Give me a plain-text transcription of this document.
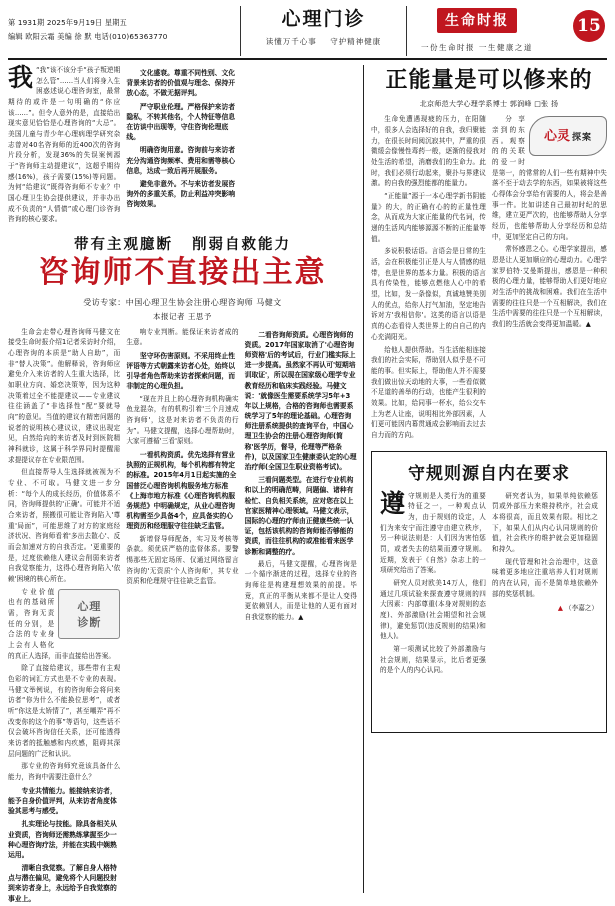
第 1931期 2025年9月19日 星期五
编辑 欧阳云霜 美编 徐 默 电话(010)65363770
心理门诊
读懂万千心事 守护精神健康
生命时报
一份生命时报 一生健康之道
15

我 “我”该不该分手“孩子叛逆期怎么管”……当人们将身入生困惑述说心理咨询室，最常期待的或许是一句明确的“你应该……”。但令人意外的是，直接给出现实意见恰恰是心理咨询的“大忌”。美国儿童与青少年心理病理学研究杂志曾对40名咨询师的近400次的咨询片段分析，发现36%的失误案例源于“咨询师主动提建议”，这超乎期待感(16%)，孩子需要(15%)等问题。为何“给建议”既得咨询师不专业？中国心理卫生协会提供建议，并非办出成不负责的“人情债”或心理门诊咨询咨询的核心要求。

文化盛衰。尊重不同性别、文化背景来访者的价值观与理念、保持开放心态，不做无据评判。

严守职业伦理。严格保护来访者隐私，不转其他名，个人特征等信息在访谈中出现等，守住咨询伦理底线。

明确咨询用意。咨询前与来访者充分沟通咨询频率、费用和需等核心信息，达成一致后再开展服务。

避免非意外。不与来访者发展咨询外的多重关系，防止利益冲突影响咨询效果。

带有主观臆断 削弱自救能力
咨询师不直接出主意
受访专家：中国心理卫生协会注册心理咨询师 马健文
本报记者 王思予

生命会走带心理咨询师马健文在接受生命时报介绍1记者采访时介绍，心理咨询的本质是“助人自助”，而非“替人决策”。他解释说，咨询师应避免介入来访者的人生重大选择，比如职业方向、婚恋决策等，因为这种决策着过全不能提建议——专业建议往往涵盖了“非选择性”配“要就导向”的意见。当值的建议有精密问题的说者的说明核心建议议，建议出现定见，自然给向的来访者及时到医院精神科就诊，这属于科学界同时提醒需求提提议存在专业限范围。

但直接帮导人生选择就被视为不专业、不可取。马健文进一步分析：“每个人的成长经历，价值体系不同，咨询师提供的'正确'。可能并不适合来访者，照搬很可能让咨询陷入'尊重'局面”，可能思维了对方的家庭经济状况、咨询师看着'多出去散心'、反而会加速对方的自我否定。'更重要的是，过度依赖他人建议会削弱来访者自我觉察能力，这得心理咨询陷入'依赖'困境的核心所在。

心理
诊断

专业价值也有的基础所需，咨询无责任的分别，是合法的专业身上会有人格化的真正人选择，而非直接给出答案。

除了直接给建议，那些带有主观色彩的词汇方式也是不专业的表现。马健文举例说，有的咨询师会将问来访者“你为什么不能换位思考”，或者听“你这是太矫情了”，甚至嘲弄“再不改变你的这个的事”等语句，这些话不仅会破坏咨询信任关系，还可能透得来访者的抵触感和内疚感，阻碍其深层问题的广泛和认识。

那专业的咨询师究竟该具备什么能力，咨询中需要注意什么？

专业共情能力。能接纳来访者，能予自身价值评判，从来访者角度体验其思考与感受。

扎实理论与技能。除具备相关从业资质，咨询师还需熟练掌握至少一种心理咨询疗法，并能在实践中娴熟运用。

清晰自我觉察。了解自身人格特点与潜在偏见，避免将个人问题投射到来访者身上，永远给予自我觉察的事业上。

响专业判断。能保证来访者成的生意。

坚守环伤害原则。不采用终止性评语等方式朝露来访者心处，始终以引导者角色帮助来访者探索问题，而非制定的心理负担。

“现在并且上的心理咨询机构确实鱼龙混杂，有的机构引着'三个月速成咨询师'，这是对来访者不负责的行为”。马健文提醒，选择心理帮助时，大家可遵循'三看'原则。

一看机构资质。优先选择有营业执照的正规机构，每个机构都有特定的标准。2015年4月1日起实施的全国普泛心理咨询机构服务地方标准《上海市地方标准《心理咨询机构服务规范》中明确规定，从业心理咨询机构需至少具备4个，应具备实的心理资历和经理服守往往缺乏监管。

新增督导师配备，实习及考核等条款。须优质严格的监督体系。要警惕那些无固定场所、仅通过网络留言咨询的'无资质'个人咨询师'，其专业资质和伦理规守往往缺乏监管。

二看咨询师资质。心理咨询师的资质。2017年国家取消了'心理咨询师资格'后的考试后，行业门槛实际上进一步提高。虽然家不再认可'短期培训取证'，所以现在国家级心理学专业教育经历和临床实践经验。马健文说：'就像医生需要系统学习5年+3年以上规格，合格的咨询师也需要系统学习了5年的理论基础。心理咨询师注册系统提供的查询平台，中国心理卫生协会的注册心理咨询师(简称'医学历，督导，伦理等严格条件)，以及国家卫生健康委认定的心理治疗师(全国卫生职业资格考试)。

三看问题类型。在进行专业机构和以上的明确范畴，问题偏、诸种有检忙、自负相关系统，应对您在以上官家医精神心理领域。马健文表示，国际的心理的疗师由正健康些统一认证，包括该机构的咨询师能否够能的资质，而往往机构的或准能看来医学诊断和调整的疗。

最后，马健文提醒，心理咨询是一个循序渐进的过程，选择专业的咨询师往是构建理想效果的前提。毕竟，真正的平衡从来都不是让人变得更依赖别人，而是让他的人更有面对自我觉察的能力。▲

正能量是可以修来的
北京师范大学心理学系博士 郭润峰 □张 扬

生命免遭遇现疲的压力，在阳随中，很多人会选择好的自我，我归聚能力，在很长时间阅沉寂其中，严重的很微缓会像慢性毒药一般，逐渐的侵我对处生活的希望，消磨我们的生命力。此时，我们必须行动起来，聚扑与界建议激。的自我的强烈能都的能量力。

“正能量”源于一本心理学新书阴能量》的大，的正确有心的的正量性理念，从而成为大家正能量的代名词，传递的生活风内能够源源不断的正能量等值。

多说积极话语。言语会是日常的生活，会在积极能引正是人与人情感的纽带，也是世界的基本力量。积极的语言具有传染性，能够点燃他人心中的希望，比如，发一条像似，真诚地赞美别人的优点，给你人打气加油，坚定地告诉对方'我相信你'。这类的语言以语是真的心态看待人类世界上的自自己的内心充满阳光。

给他人提供帮助。当生活能相连接我们的社会实际，帮助别人似乎是不可能的事。但实际上，帮助他人并不需要我们做出惊天动地的大事，一些看似微不足道的善举的行动，也能产生很利的效果。比如，给同事一杯水，给公交车上为老人让座，说明相比外部因素，人们更可能因内幕贯通成会影响而去过去自力而的方向。

心灵 探案

分享亲到的东西。观察的的关联的爱一时是第一，的常常的人们一些有期神中失落不至于动去学的东西，如果被将这些心得体会分享给有需要的人，将会是善事一件。比如讲述自己最初时纪的思维，建立更严次的，也能够帮助人分享经历，也能够帮助人分享经历和总结中，更加坚定自己的方向。

常怀感恩之心。心理学家提出，感恩是让人更加顺应的心理动力。心理学家罗伯特·艾曼斯提出，感恩是一种积极的心理力量，能够帮助人们更好地应对生活中的挑战和困难。我们在生活中需要的往往只是一个互相解决，我们在生活中需要的往往只是一个互相解读，我们的生活就会变得更加温暖。▲

守规则源自内在要求

遵守规则是人类行为的重要特征之一，一种观点认为，由于规则的设定，人们为来安宁而注遵守由建立秩序，另一种说法则是：人们因为害怕惩罚，或者失去的结果而遵守规则。近期，发表于《自然》杂志上的一项研究给出了答案。

研究人员对欧美14万人，他们通过几项试验来探查遵守规则的四大因素：内部尊重(本身对规则的态度)、外部激励(社会期望和社会规律)，避免惩罚(违反规则的结果)和他人)。

第一项测试比较了外部激励与社会规则，结果显示，比后者更强的是个人的内心认同。

研究者认为，如果单纯依赖惩罚或外部压力来维持秩序，社会成本将很高，而且效果有限。相比之下，如果人们从内心认同规则的价值，社会秩序的维护就会更加稳固和持久。

现代管理和社会治理中，这意味着更多地应注重培养人们对规则的内在认同，而不是简单地依赖外部的奖惩机制。

▲ （李嘉之）
